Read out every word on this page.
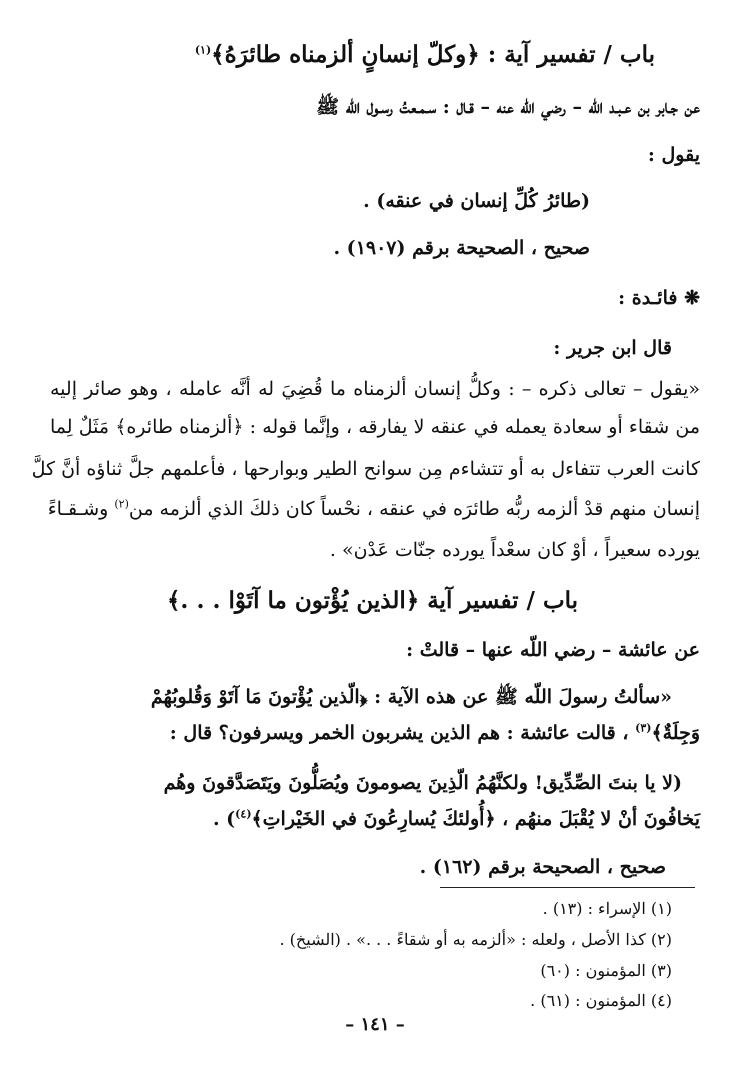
باب / تفسير آية : ﴿وكلّ إنسانٍ ألزمناه طائرَهُ﴾$^{(١)}$
عن جـابر بن عـبـد اللّه – رضي الله عنه – قـال : سـمـعتُ رسـول الله ﷺ
يقول :
(طائرُ كُلِّ إنسان في عنقه) .
صحيح ، الصحيحة برقم (١٩٠٧) .
❋ فائـدة :
قال ابن جرير :
«يقول – تعالى ذكره – : وكلُّ إنسان ألزمناه ما قُضِيَ له أنَّه عامله ، وهو صائر إليه
من شقاء أو سعادة يعمله في عنقه لا يفارقه ، وإنَّما قوله : ﴿ألزمناه طائره﴾ مَثَلٌ لِما
كانت العرب تتفاءل به أو تتشاءم مِن سوانح الطير وبوارحها ، فأعلمهم جلَّ ثناؤه أنَّ كلَّ
إنسان منهم قدْ ألزمه ربُّه طائرَه في عنقه ، نحْساً كان ذلكَ الذي ألزمه من$^{(٢)}$ وشـقـاءً
يورده سعيراً ، أوْ كان سعْداً يورده جنّات عَدْن» .
باب / تفسير آية ﴿الذين يُؤْتون ما آتَوْا . . .﴾
عن عائشة – رضي اللّه عنها – قالتْ :
«سألتُ رسولَ اللّه ﷺ عن هذه الآية : ﴿الّذين يُؤْتونَ مَا آتَوْ وَقُلوبُهُمْ
وَجِلَةٌ﴾$^{(٣)}$ ، قالت عائشة : هم الذين يشربون الخمر ويسرفون؟ قال :
(لا يا بنتَ الصِّدِّيق! ولكنَّهُمُ الّذِينَ يصومونَ ويُصَلُّونَ ويَتَصَدَّقونَ وهُم
يَخافُونَ أنْ لا يُقْبَلَ منهُم ، ﴿أُولئكَ يُسارِعُونَ في الخَيْراتِ﴾$^{(٤)}$) .
صحيح ، الصحيحة برقم (١٦٢) .
(١) الإسراء : (١٣) .
(٢) كذا الأصل ، ولعله : «ألزمه به أو شقاءً . . .» . (الشيخ) .
(٣) المؤمنون : (٦٠)
(٤) المؤمنون : (٦١) .
– ١٤١ –
